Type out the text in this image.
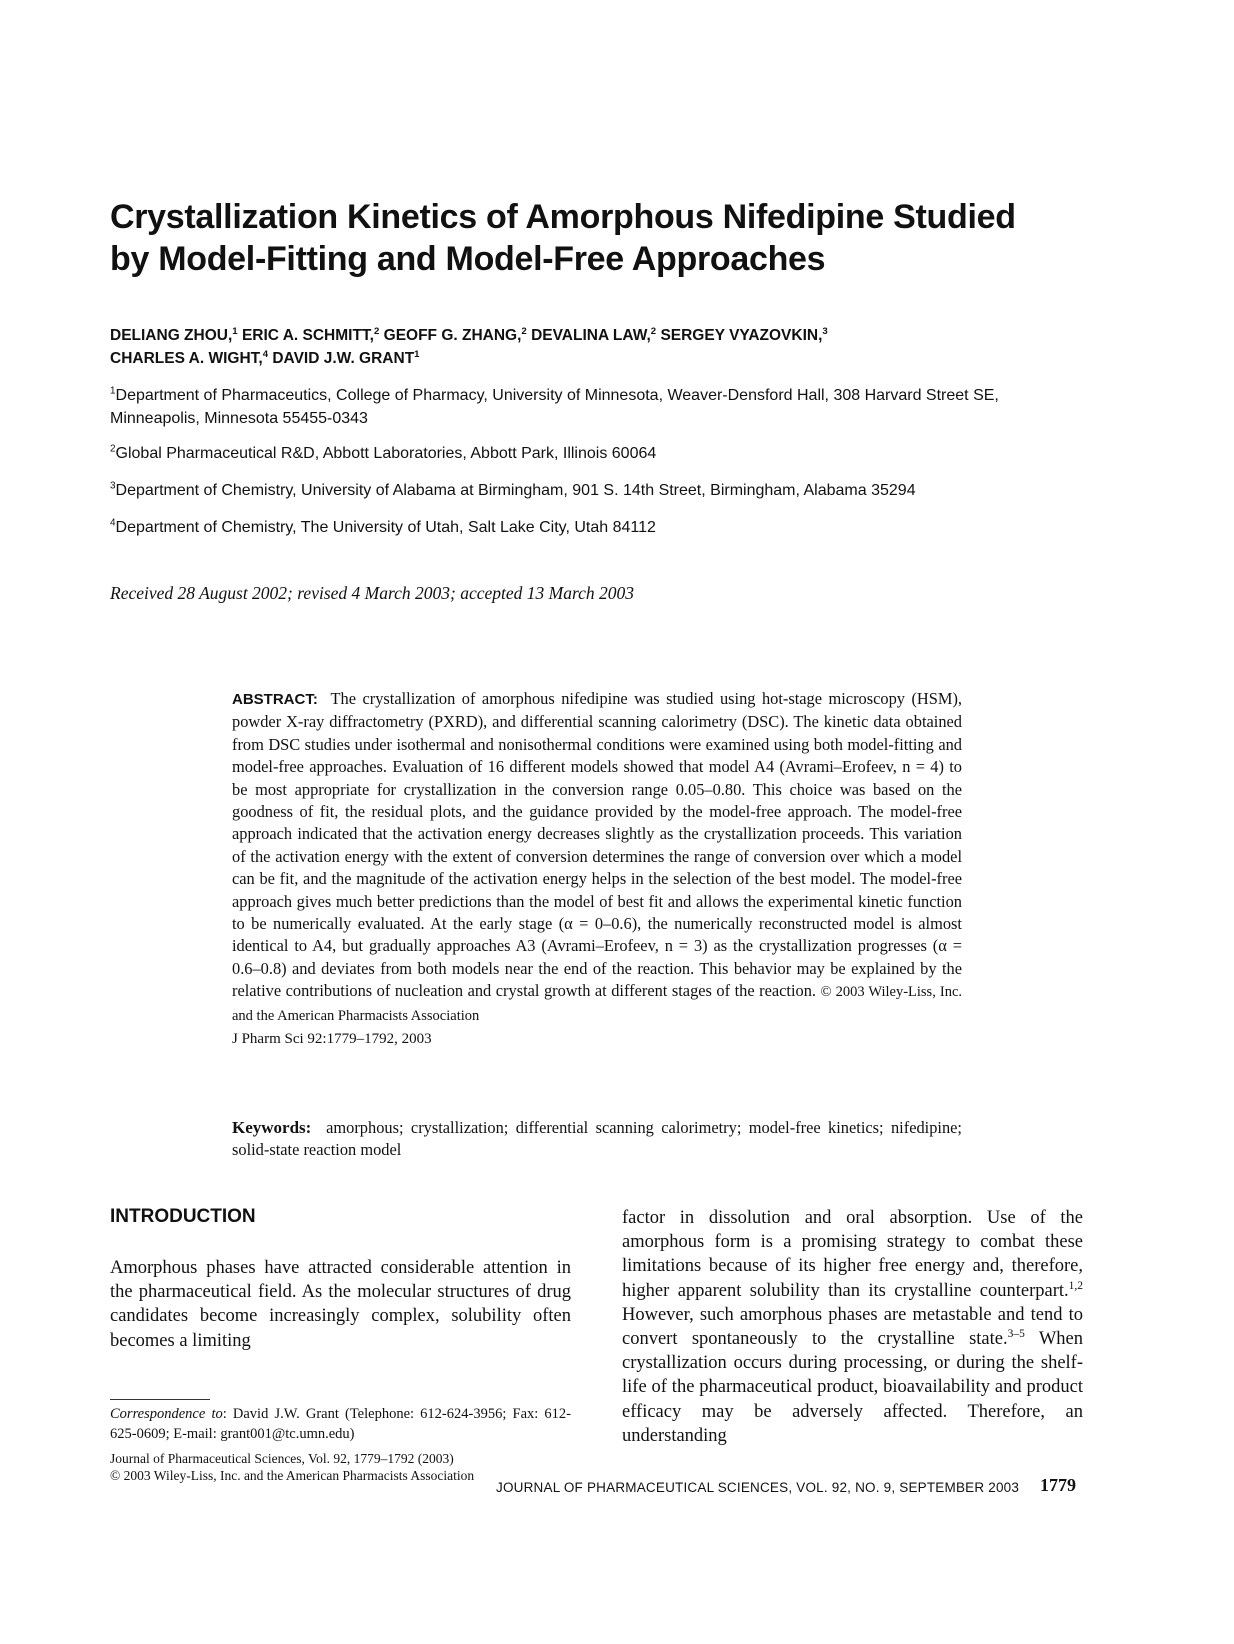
Crystallization Kinetics of Amorphous Nifedipine Studied
by Model-Fitting and Model-Free Approaches
DELIANG ZHOU,$^1$ ERIC A. SCHMITT,$^2$ GEOFF G. ZHANG,$^2$ DEVALINA LAW,$^2$ SERGEY VYAZOVKIN,$^3$
CHARLES A. WIGHT,$^4$ DAVID J.W. GRANT$^1$
$^1$Department of Pharmaceutics, College of Pharmacy, University of Minnesota, Weaver-Densford Hall, 308 Harvard Street SE,
Minneapolis, Minnesota 55455-0343
$^2$Global Pharmaceutical R&D, Abbott Laboratories, Abbott Park, Illinois 60064
$^3$Department of Chemistry, University of Alabama at Birmingham, 901 S. 14th Street, Birmingham, Alabama 35294
$^4$Department of Chemistry, The University of Utah, Salt Lake City, Utah 84112
Received 28 August 2002; revised 4 March 2003; accepted 13 March 2003
ABSTRACT: The crystallization of amorphous nifedipine was studied using hot-stage microscopy (HSM), powder X-ray diffractometry (PXRD), and differential scanning calorimetry (DSC). The kinetic data obtained from DSC studies under isothermal and nonisothermal conditions were examined using both model-fitting and model-free approaches. Evaluation of 16 different models showed that model A4 (Avrami–Erofeev, n = 4) to be most appropriate for crystallization in the conversion range 0.05–0.80. This choice was based on the goodness of fit, the residual plots, and the guidance provided by the model-free approach. The model-free approach indicated that the activation energy decreases slightly as the crystallization proceeds. This variation of the activation energy with the extent of conversion determines the range of conversion over which a model can be fit, and the magnitude of the activation energy helps in the selection of the best model. The model-free approach gives much better predictions than the model of best fit and allows the experimental kinetic function to be numerically evaluated. At the early stage (α = 0–0.6), the numerically reconstructed model is almost identical to A4, but gradually approaches A3 (Avrami–Erofeev, n = 3) as the crystallization progresses (α = 0.6–0.8) and deviates from both models near the end of the reaction. This behavior may be explained by the relative contributions of nucleation and crystal growth at different stages of the reaction. © 2003 Wiley-Liss, Inc. and the American Pharmacists Association
J Pharm Sci 92:1779–1792, 2003
Keywords: amorphous; crystallization; differential scanning calorimetry; model-free kinetics; nifedipine; solid-state reaction model
INTRODUCTION
Amorphous phases have attracted considerable attention in the pharmaceutical field. As the molecular structures of drug candidates become increasingly complex, solubility often becomes a limiting
factor in dissolution and oral absorption. Use of the amorphous form is a promising strategy to combat these limitations because of its higher free energy and, therefore, higher apparent solubility than its crystalline counterpart.$^{1,2}$ However, such amorphous phases are metastable and tend to convert spontaneously to the crystalline state.$^{3-5}$ When crystallization occurs during processing, or during the shelf-life of the pharmaceutical product, bioavailability and product efficacy may be adversely affected. Therefore, an understanding
Correspondence to: David J.W. Grant (Telephone: 612-624-3956; Fax: 612-625-0609; E-mail: grant001@tc.umn.edu)
Journal of Pharmaceutical Sciences, Vol. 92, 1779–1792 (2003)
© 2003 Wiley-Liss, Inc. and the American Pharmacists Association
JOURNAL OF PHARMACEUTICAL SCIENCES, VOL. 92, NO. 9, SEPTEMBER 2003 1779
